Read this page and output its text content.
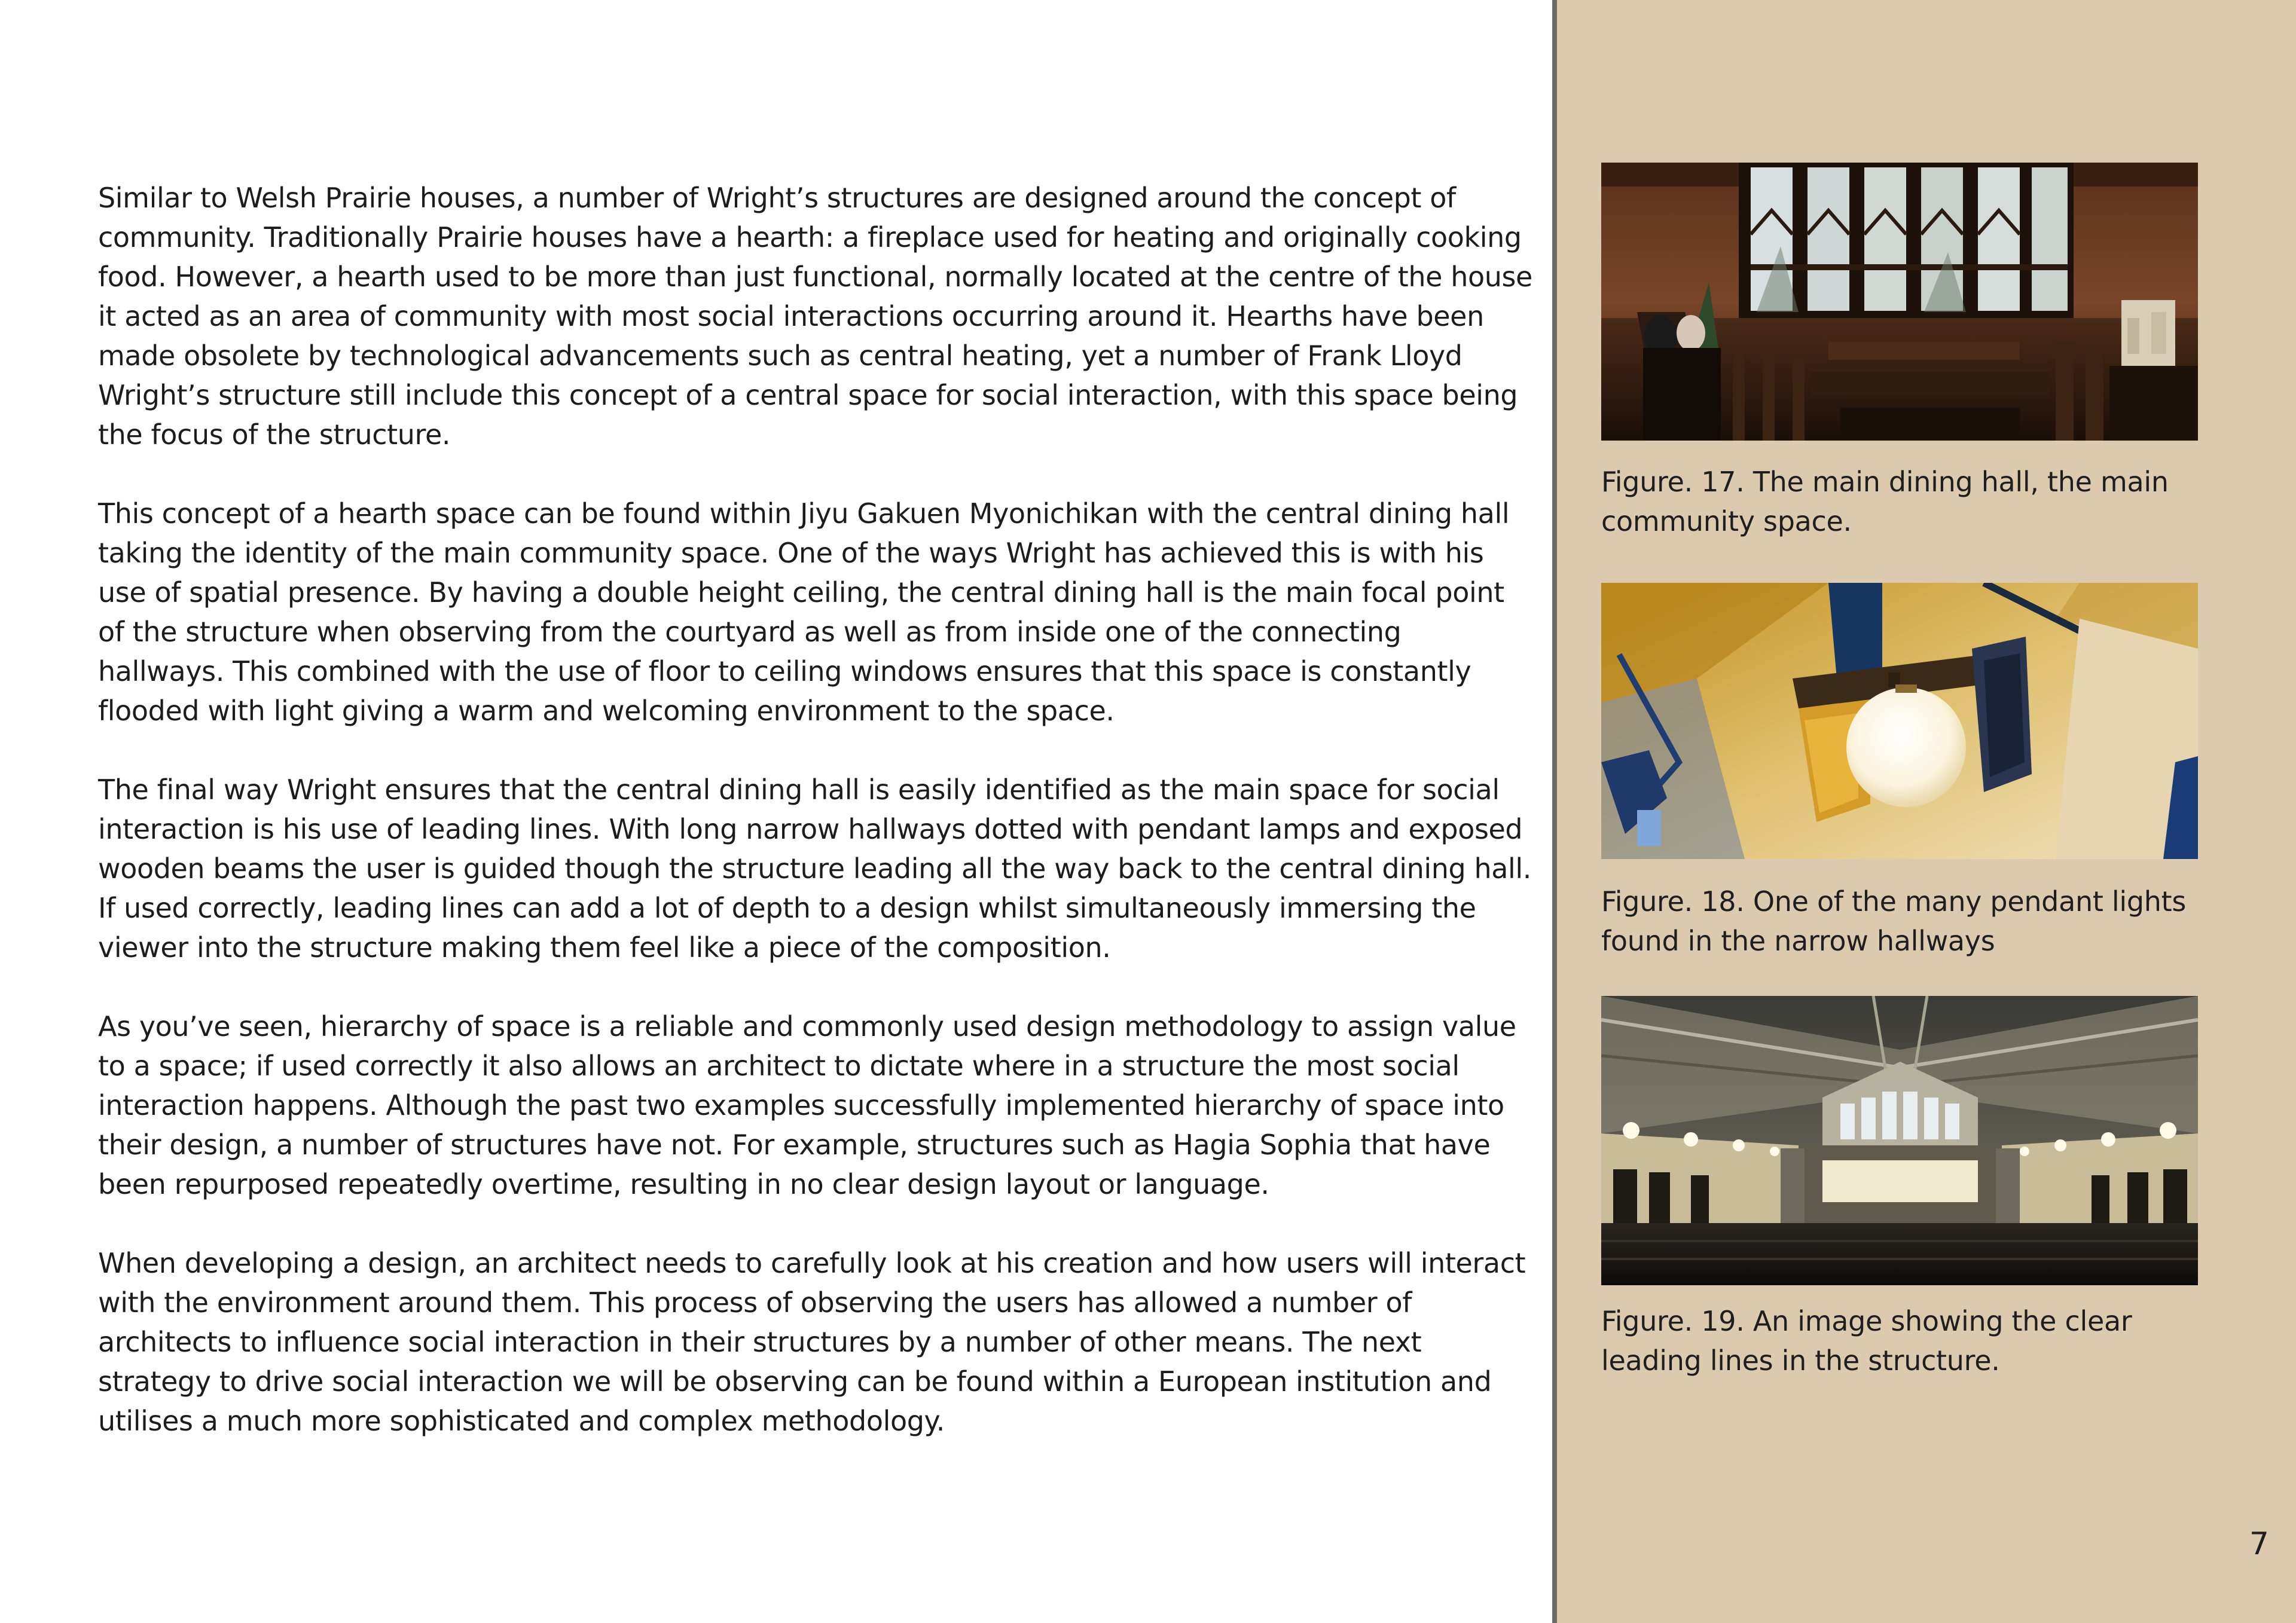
Similar to Welsh Prairie houses, a number of Wright’s structures are designed around the concept of community. Traditionally Prairie houses have a hearth: a fireplace used for heating and originally cooking food. However, a hearth used to be more than just functional, normally located at the centre of the house it acted as an area of community with most social interactions occurring around it. Hearths have been made obsolete by technological advancements such as central heating, yet a number of Frank Lloyd Wright’s structure still include this concept of a central space for social interaction, with this space being the focus of the structure.

This concept of a hearth space can be found within Jiyu Gakuen Myonichikan with the central dining hall taking the identity of the main community space. One of the ways Wright has achieved this is with his use of spatial presence. By having a double height ceiling, the central dining hall is the main focal point of the structure when observing from the courtyard as well as from inside one of the connecting hallways. This combined with the use of floor to ceiling windows ensures that this space is constantly flooded with light giving a warm and welcoming environment to the space.

The final way Wright ensures that the central dining hall is easily identified as the main space for social interaction is his use of leading lines. With long narrow hallways dotted with pendant lamps and exposed wooden beams the user is guided though the structure leading all the way back to the central dining hall. If used correctly, leading lines can add a lot of depth to a design whilst simultaneously immersing the viewer into the structure making them feel like a piece of the composition.

As you’ve seen, hierarchy of space is a reliable and commonly used design methodology to assign value to a space; if used correctly it also allows an architect to dictate where in a structure the most social interaction happens. Although the past two examples successfully implemented hierarchy of space into their design, a number of structures have not. For example, structures such as Hagia Sophia that have been repurposed repeatedly overtime, resulting in no clear design layout or language.

When developing a design, an architect needs to carefully look at his creation and how users will interact with the environment around them. This process of observing the users has allowed a number of architects to influence social interaction in their structures by a number of other means. The next strategy to drive social interaction we will be observing can be found within a European institution and utilises a much more sophisticated and complex methodology.

Figure. 17. The main dining hall, the main community space.
Figure. 18. One of the many pendant lights found in the narrow hallways
Figure. 19. An image showing the clear leading lines in the structure.
7
